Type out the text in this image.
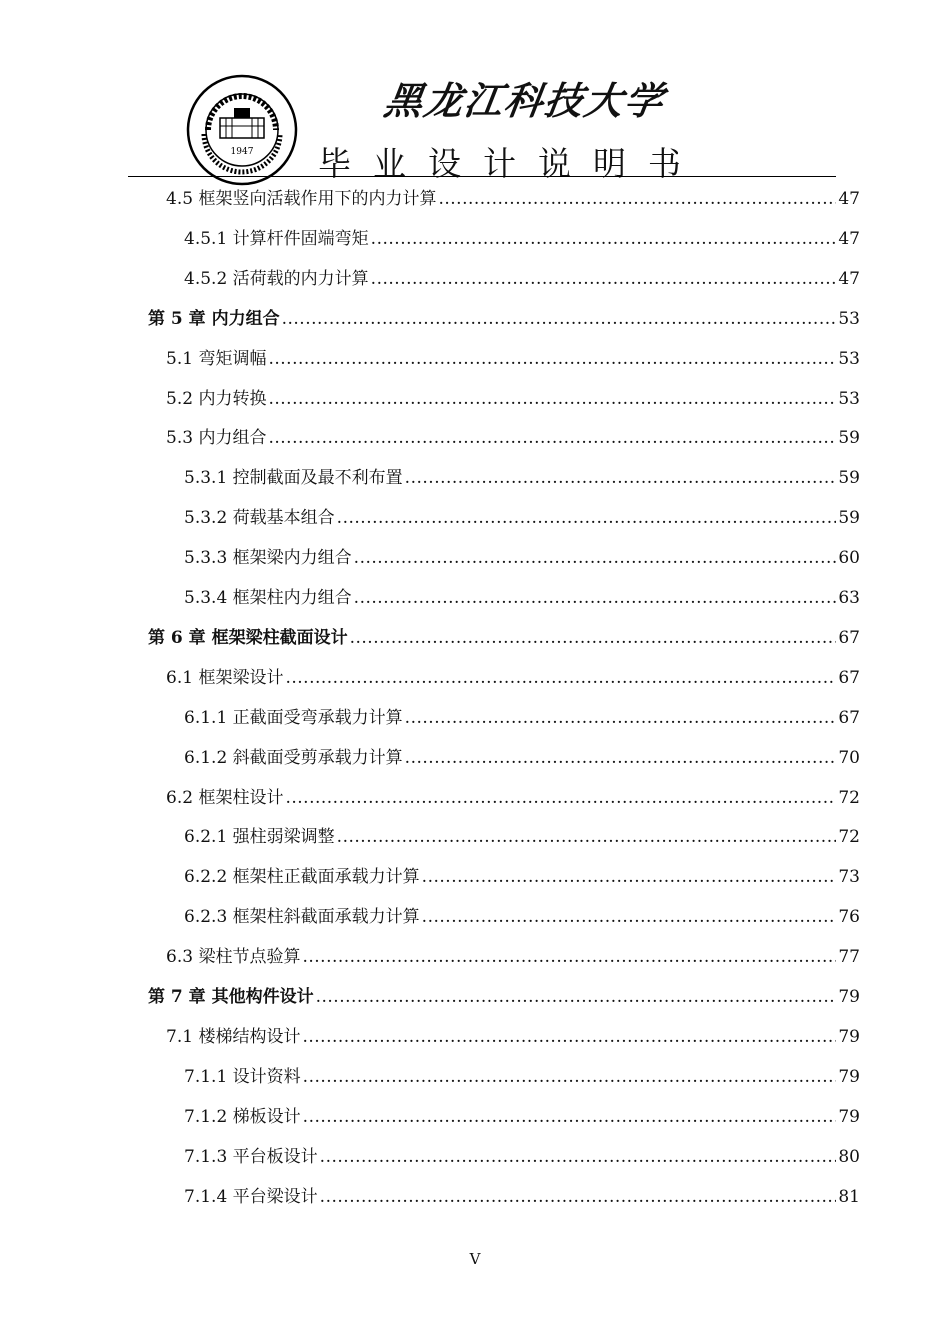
1947
黑龙江科技大学
毕业设计说明书
4.5 框架竖向活载作用下的内力计算 .....	47
4.5.1 计算杆件固端弯矩 .....	47
4.5.2 活荷载的内力计算 .....	47
第 5 章 内力组合 .....	53
5.1 弯矩调幅 .....	53
5.2 内力转换 .....	53
5.3 内力组合 .....	59
5.3.1 控制截面及最不利布置 .....	59
5.3.2 荷载基本组合 .....	59
5.3.3 框架梁内力组合 .....	60
5.3.4 框架柱内力组合 .....	63
第 6 章 框架梁柱截面设计 .....	67
6.1 框架梁设计 .....	67
6.1.1 正截面受弯承载力计算 .....	67
6.1.2 斜截面受剪承载力计算 .....	70
6.2 框架柱设计 .....	72
6.2.1 强柱弱梁调整 .....	72
6.2.2 框架柱正截面承载力计算 .....	73
6.2.3 框架柱斜截面承载力计算 .....	76
6.3 梁柱节点验算 .....	77
第 7 章 其他构件设计 .....	79
7.1 楼梯结构设计 .....	79
7.1.1 设计资料 .....	79
7.1.2 梯板设计 .....	79
7.1.3 平台板设计 .....	80
7.1.4 平台梁设计 .....	81
V
